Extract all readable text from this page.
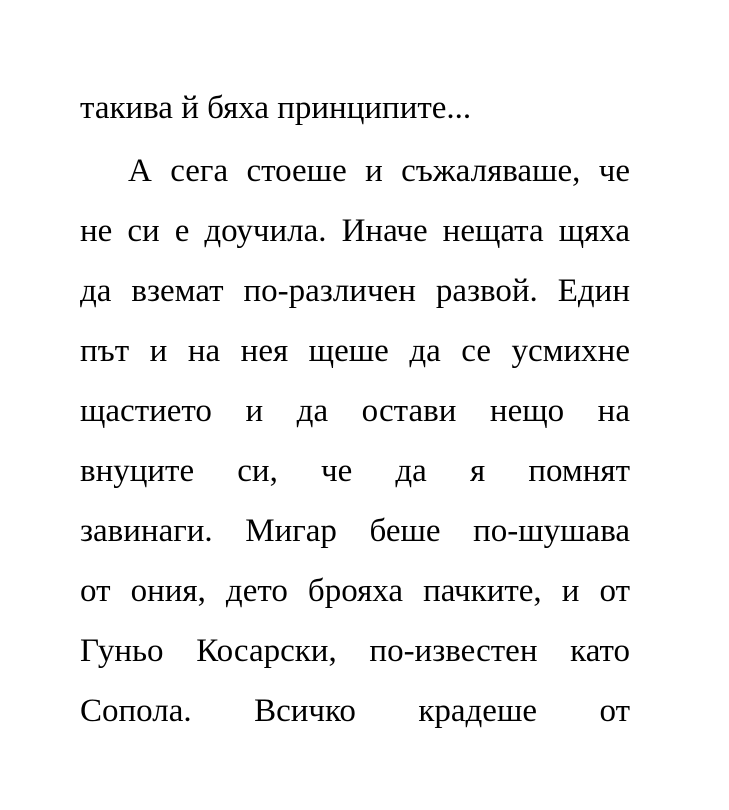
такива й бяха принципите...
А сега стоеше и съжаляваше, че
не си е доучила. Иначе нещата щяха
да вземат по-различен развой. Един
път и на нея щеше да се усмихне
щастието и да остави нещо на
внуците си, че да я помнят
завинаги. Мигар беше по-шушава
от ония, дето брояха пачките, и от
Гуньо Косарски, по-известен като
Сопола. Всичко крадеше от
